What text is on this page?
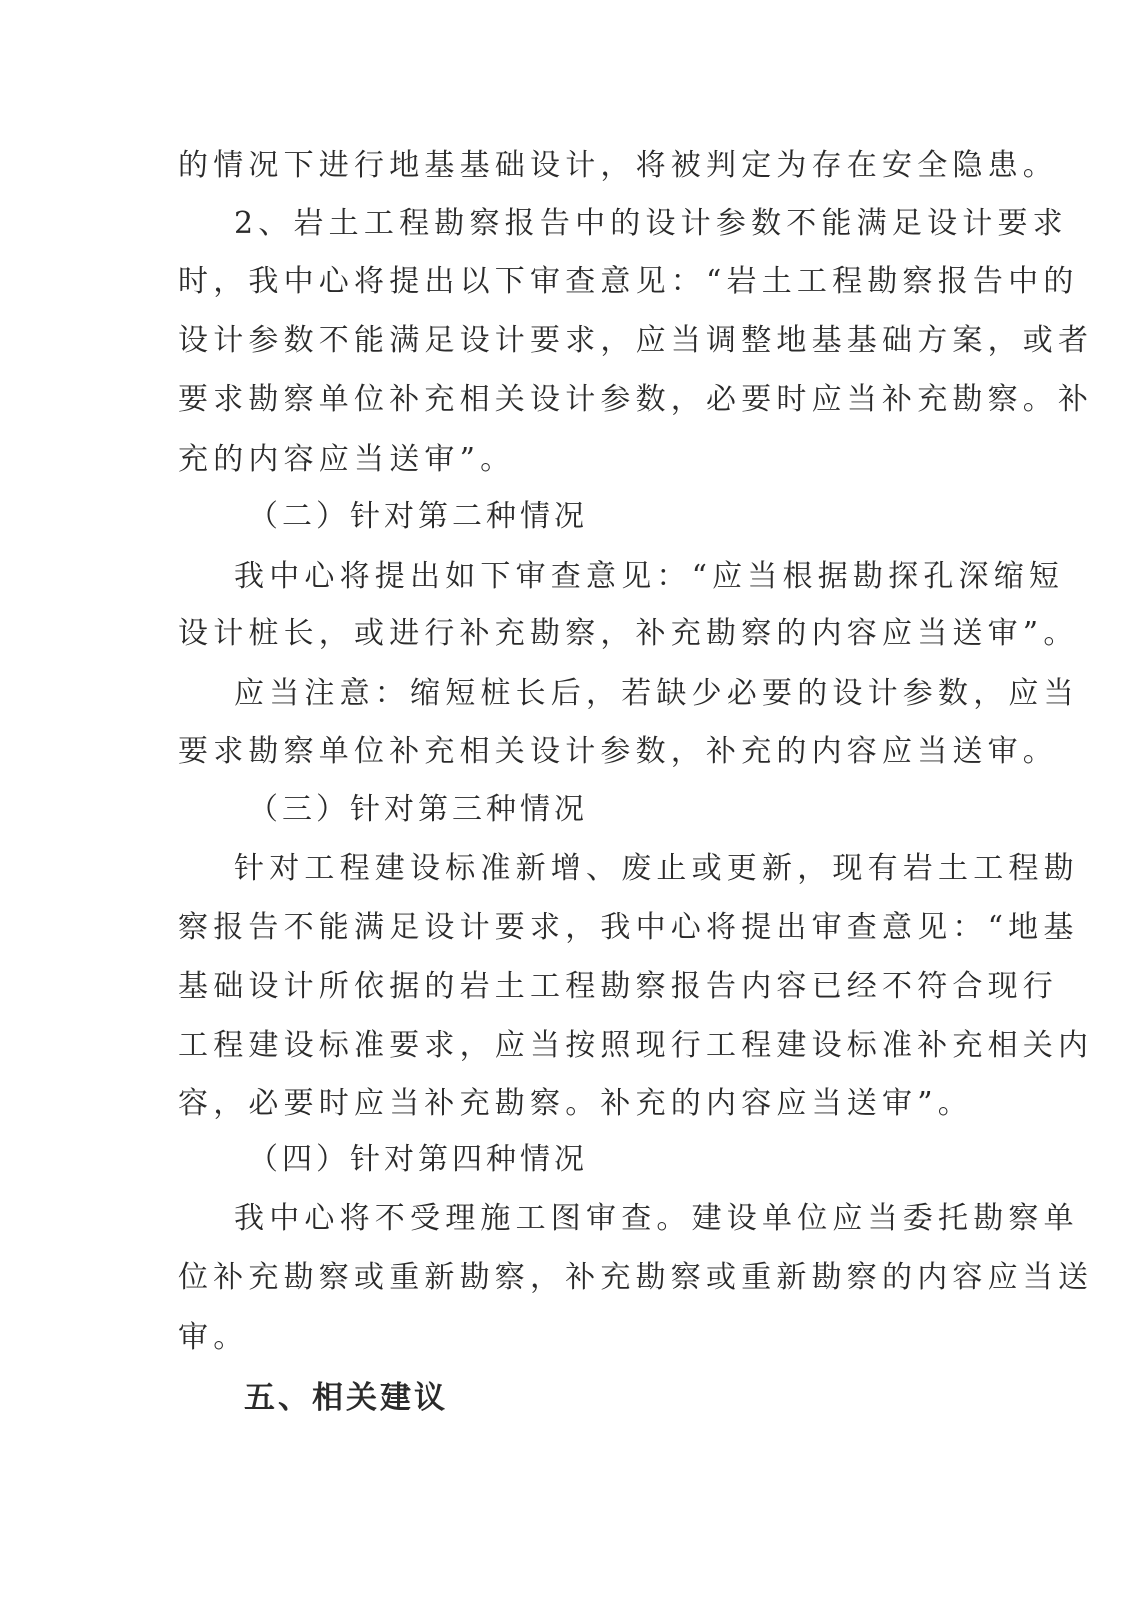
的情况下进行地基基础设计，将被判定为存在安全隐患。

2、岩土工程勘察报告中的设计参数不能满足设计要求

时，我中心将提出以下审查意见：“岩土工程勘察报告中的

设计参数不能满足设计要求，应当调整地基基础方案，或者

要求勘察单位补充相关设计参数，必要时应当补充勘察。补

充的内容应当送审”。

（二）针对第二种情况

我中心将提出如下审查意见：“应当根据勘探孔深缩短

设计桩长，或进行补充勘察，补充勘察的内容应当送审”。

应当注意：缩短桩长后，若缺少必要的设计参数，应当

要求勘察单位补充相关设计参数，补充的内容应当送审。

（三）针对第三种情况

针对工程建设标准新增、废止或更新，现有岩土工程勘

察报告不能满足设计要求，我中心将提出审查意见：“地基

基础设计所依据的岩土工程勘察报告内容已经不符合现行

工程建设标准要求，应当按照现行工程建设标准补充相关内

容，必要时应当补充勘察。补充的内容应当送审”。

（四）针对第四种情况

我中心将不受理施工图审查。建设单位应当委托勘察单

位补充勘察或重新勘察，补充勘察或重新勘察的内容应当送

审。

五、相关建议
